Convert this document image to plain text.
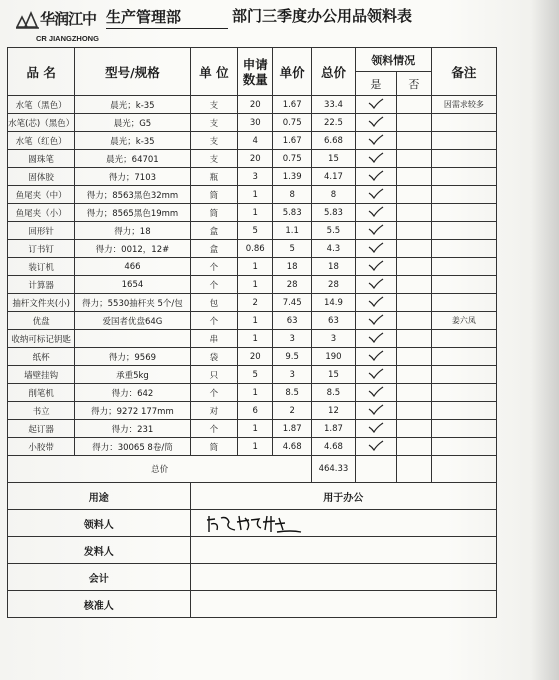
华润江中
CR JIANGZHONG
生产管理部	部门三季度办公用品领料表
品 名	型号/规格	单 位	申请
数量	单价	总价	领料情况		备注
						是	否	
水笔（黑色）	晨光；k-35	支	20	1.67	33.4			因需求较多
水笔(芯)（黑色）	晨光；G5	支	30	0.75	22.5			
水笔（红色）	晨光；k-35	支	4	1.67	6.68			
圆珠笔	晨光；64701	支	20	0.75	15			
固体胶	得力；7103	瓶	3	1.39	4.17			
鱼尾夹（中）	得力；8563黑色32mm	筒	1	8	8			
鱼尾夹（小）	得力；8565黑色19mm	筒	1	5.83	5.83			
回形针	得力；18	盒	5	1.1	5.5			
订书钉	得力：0012，12#	盒	0.86	5	4.3			
装订机	466	个	1	18	18			
计算器	1654	个	1	28	28			
抽杆文件夹(小)	得力；5530抽杆夹 5个/包	包	2	7.45	14.9			
优盘	爱国者优盘64G	个	1	63	63			姜六凤
收纳可标记钥匙		串	1	3	3			
纸杯	得力；9569	袋	20	9.5	190			
墙壁挂钩	承重5kg	只	5	3	15			
削笔机	得力：642	个	1	8.5	8.5			
书立	得力；9272 177mm	对	6	2	12			
起订器	得力：231	个	1	1.87	1.87			
小胶带	得力：30065 8卷/筒	筒	1	4.68	4.68			
总价					464.33			
用途		用于办公						
领料人	

发料人								
会计								
核准人								
